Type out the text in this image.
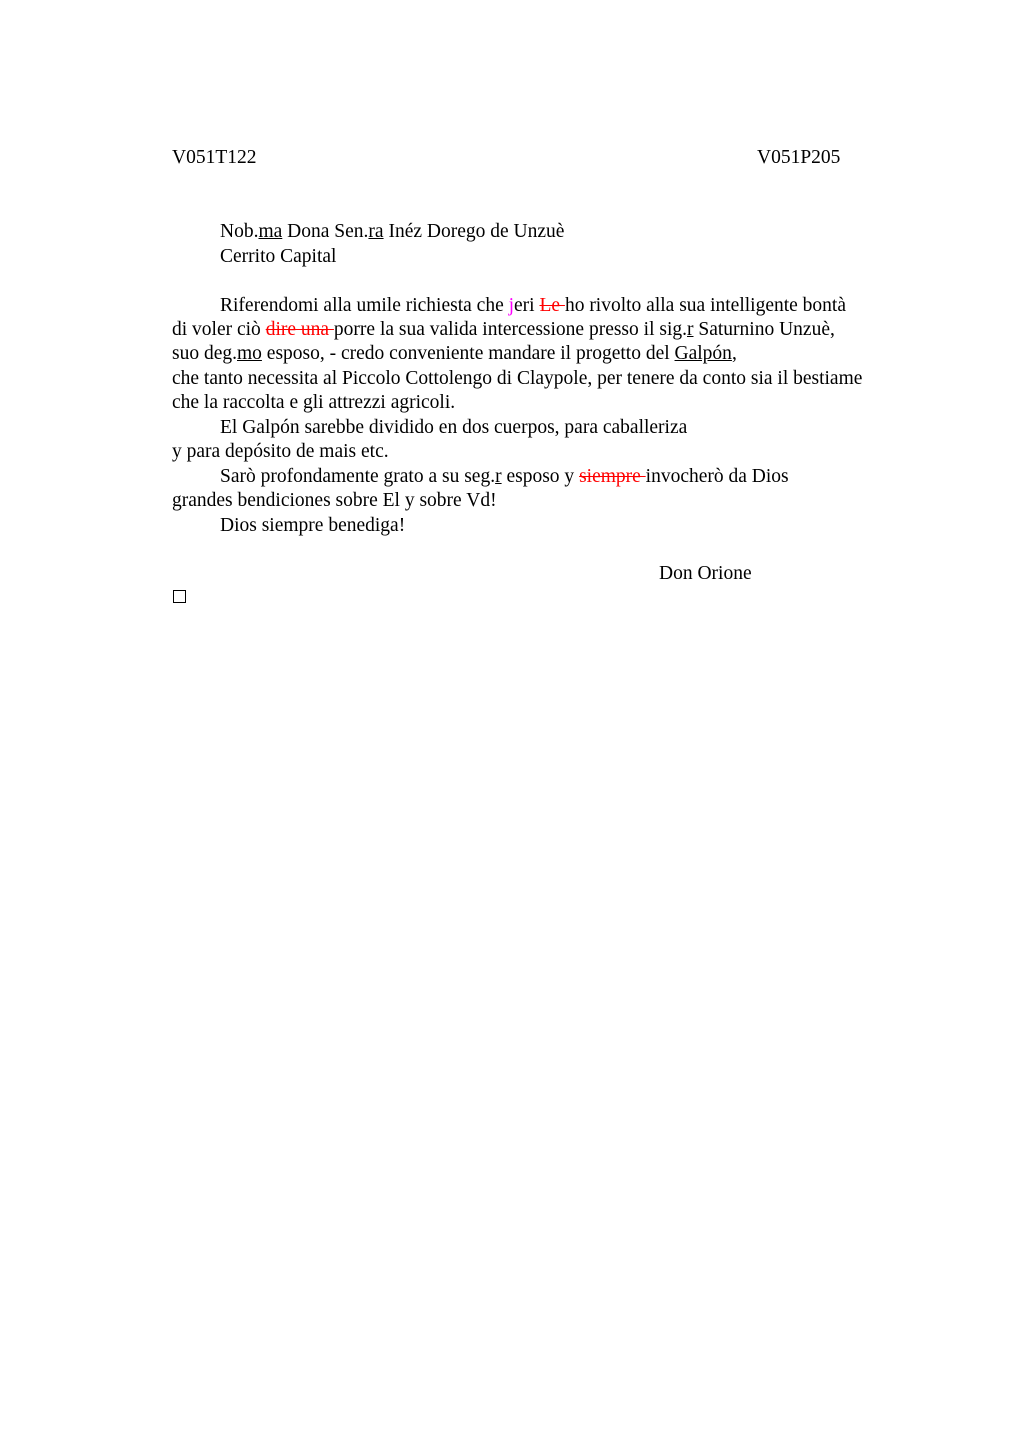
V051T122	V051P205
Nob.ma Dona Sen.ra Inéz Dorego de Unzuè
Cerrito Capital
Riferendomi alla umile richiesta che jeri Le ho rivolto alla sua intelligente bontà
di voler ciò dire una porre la sua valida intercessione presso il sig.r Saturnino Unzuè,
suo deg.mo esposo, - credo conveniente mandare il progetto del Galpón,
che tanto necessita al Piccolo Cottolengo di Claypole, per tenere da conto sia il bestiame
che la raccolta e gli attrezzi agricoli.
El Galpón sarebbe dividido en dos cuerpos, para caballeriza
y para depósito de mais etc.
Sarò profondamente grato a su seg.r esposo y siempre invocherò da Dios
grandes bendiciones sobre El y sobre Vd!
Dios siempre benediga!
Don Orione
